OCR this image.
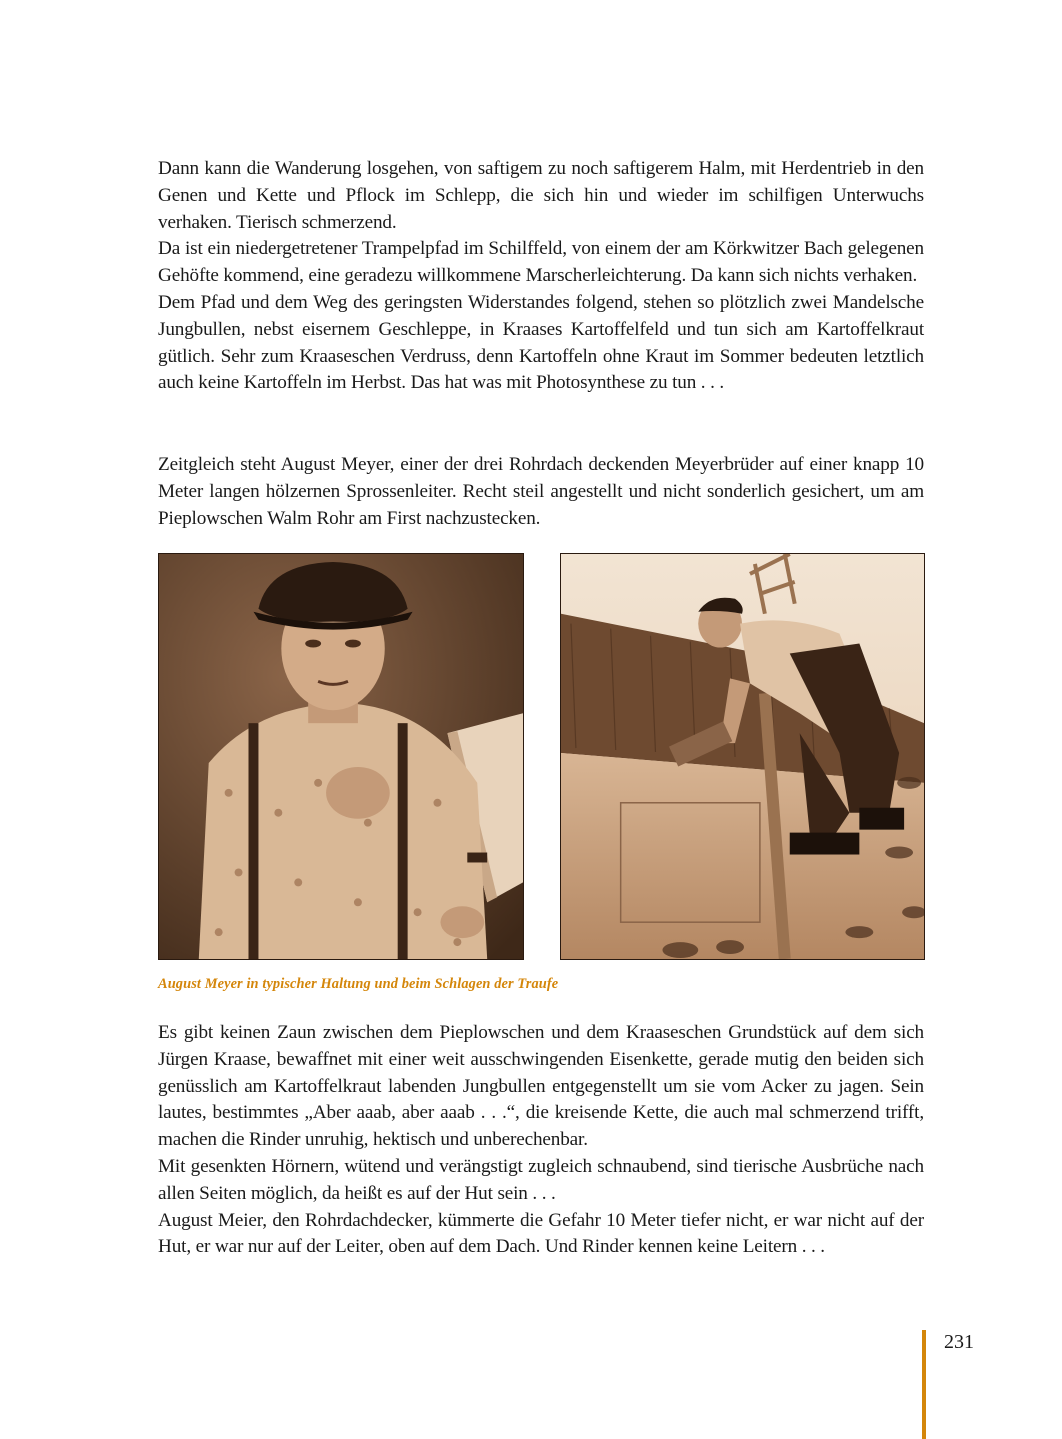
Dann kann die Wanderung losgehen, von saftigem zu noch saftigerem Halm, mit Herdentrieb in den Genen und Kette und Pflock im Schlepp, die sich hin und wieder im schilfigen Unterwuchs verhaken. Tierisch schmerzend.

Da ist ein niedergetretener Trampelpfad im Schilffeld, von einem der am Körkwitzer Bach gelegenen Gehöfte kommend, eine geradezu willkommene Marscherleichterung. Da kann sich nichts verhaken.

Dem Pfad und dem Weg des geringsten Widerstandes folgend, stehen so plötzlich zwei Mandelsche Jungbullen, nebst eisernem Geschleppe, in Kraases Kartoffelfeld und tun sich am Kartoffelkraut gütlich. Sehr zum Kraaseschen Verdruss, denn Kartoffeln ohne Kraut im Sommer bedeuten letztlich auch keine Kartoffeln im Herbst. Das hat was mit Photosynthese zu tun . . .

Zeitgleich steht August Meyer, einer der drei Rohrdach deckenden Meyerbrüder auf einer knapp 10 Meter langen hölzernen Sprossenleiter. Recht steil angestellt und nicht sonderlich gesichert, um am Pieplowschen Walm Rohr am First nachzustecken.

August Meyer in typischer Haltung und beim Schlagen der Traufe

Es gibt keinen Zaun zwischen dem Pieplowschen und dem Kraaseschen Grundstück auf dem sich Jürgen Kraase, bewaffnet mit einer weit ausschwingenden Eisenkette, gerade mutig den beiden sich genüsslich am Kartoffelkraut labenden Jungbullen entgegenstellt um sie vom Acker zu jagen. Sein lautes, bestimmtes „Aber aaab, aber aaab . . .“, die kreisende Kette, die auch mal schmerzend trifft, machen die Rinder unruhig, hektisch und unberechenbar.

Mit gesenkten Hörnern, wütend und verängstigt zugleich schnaubend, sind tierische Ausbrüche nach allen Seiten möglich, da heißt es auf der Hut sein . . .

August Meier, den Rohrdachdecker, kümmerte die Gefahr 10 Meter tiefer nicht, er war nicht auf der Hut, er war nur auf der Leiter, oben auf dem Dach. Und Rinder kennen keine Leitern . . .

231
